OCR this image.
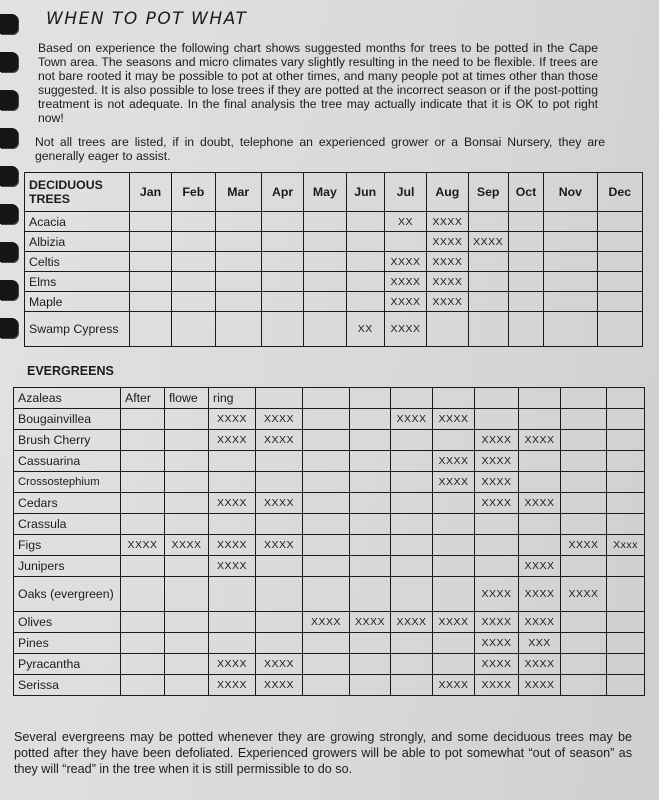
WHEN TO POT WHAT

Based on experience the following chart shows suggested months for trees to be potted in the Cape Town area. The seasons and micro climates vary slightly resulting in the need to be flexible. If trees are not bare rooted it may be possible to pot at other times, and many people pot at times other than those suggested. It is also possible to lose trees if they are potted at the incorrect season or if the post-potting treatment is not adequate. In the final analysis the tree may actually indicate that it is OK to pot right now!

Not all trees are listed, if in doubt, telephone an experienced grower or a Bonsai Nursery, they are generally eager to assist.

DECIDUOUS TREES	Jan	Feb	Mar	Apr	May	Jun	Jul	Aug	Sep	Oct	Nov	Dec
Acacia							XX	XXXX				
Albizia								XXXX	XXXX			
Celtis							XXXX	XXXX				
Elms							XXXX	XXXX				
Maple							XXXX	XXXX				
Swamp Cypress						XX	XXXX					
EVERGREENS
Azaleas	After	flowe	ring									
Bougainvillea			XXXX	XXXX			XXXX	XXXX				
Brush Cherry			XXXX	XXXX					XXXX	XXXX		
Cassuarina								XXXX	XXXX			
Crossostephium								XXXX	XXXX			
Cedars			XXXX	XXXX					XXXX	XXXX		
Crassula												
Figs	XXXX	XXXX	XXXX	XXXX							XXXX	Xxxx
Junipers			XXXX							XXXX		
Oaks (evergreen)									XXXX	XXXX	XXXX	
Olives					XXXX	XXXX	XXXX	XXXX	XXXX	XXXX		
Pines									XXXX	XXX		
Pyracantha			XXXX	XXXX					XXXX	XXXX		
Serissa			XXXX	XXXX				XXXX	XXXX	XXXX		

Several evergreens may be potted whenever they are growing strongly, and some deciduous trees may be potted after they have been defoliated. Experienced growers will be able to pot somewhat “out of season” as they will “read” in the tree when it is still permissible to do so.
